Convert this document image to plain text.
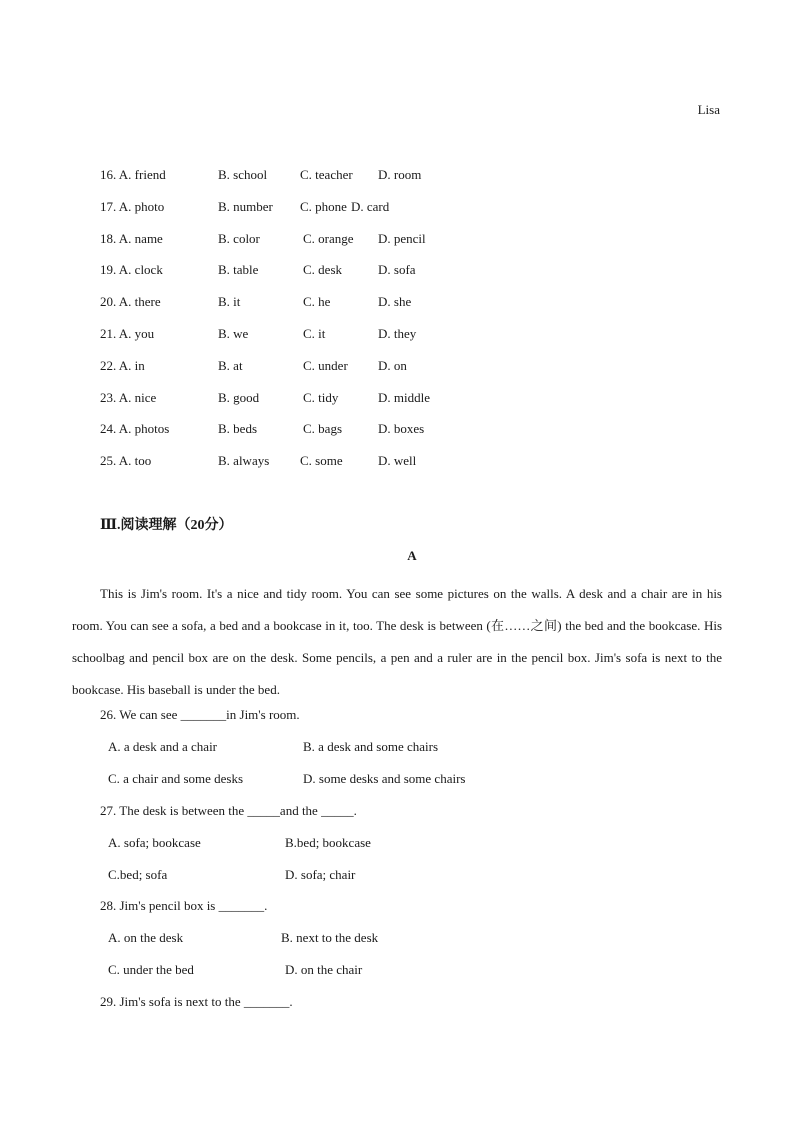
Lisa
16. A. friend	B. school	C. teacher D. room
17. A. photo	B. number C. phone D. card
18. A. name	B. color	C. orange D. pencil
19. A. clock	B. table	C. desk	D. sofa
20. A. there	B. it	C. he	D. she
21. A. you	B. we	C. it	D. they
22. A. in	B. at	C. under D. on
23. A. nice	B. good	C. tidy	D. middle
24. A. photos	B. beds	C. bags	D. boxes
25. A. too	B. always C. some	D. well
Ⅲ.阅读理解（20分）
A

This is Jim's room. It's a nice and tidy room. You can see some pictures on the walls. A desk and a chair are in his room. You can see a sofa, a bed and a bookcase in it, too. The desk is between (在……之间) the bed and the bookcase. His schoolbag and pencil box are on the desk. Some pencils, a pen and a ruler are in the pencil box. Jim's sofa is next to the bookcase. His baseball is under the bed.

26. We can see _______in Jim's room.
A. a desk and a chair	B. a desk and some chairs
C. a chair and some desks	D. some desks and some chairs
27. The desk is between the _____and the _____.
A. sofa; bookcase	B.bed; bookcase
C.bed; sofa	D. sofa; chair
28. Jim's pencil box is _______.
A. on the desk	B. next to the desk
C. under the bed	D. on the chair
29. Jim's sofa is next to the _______.
